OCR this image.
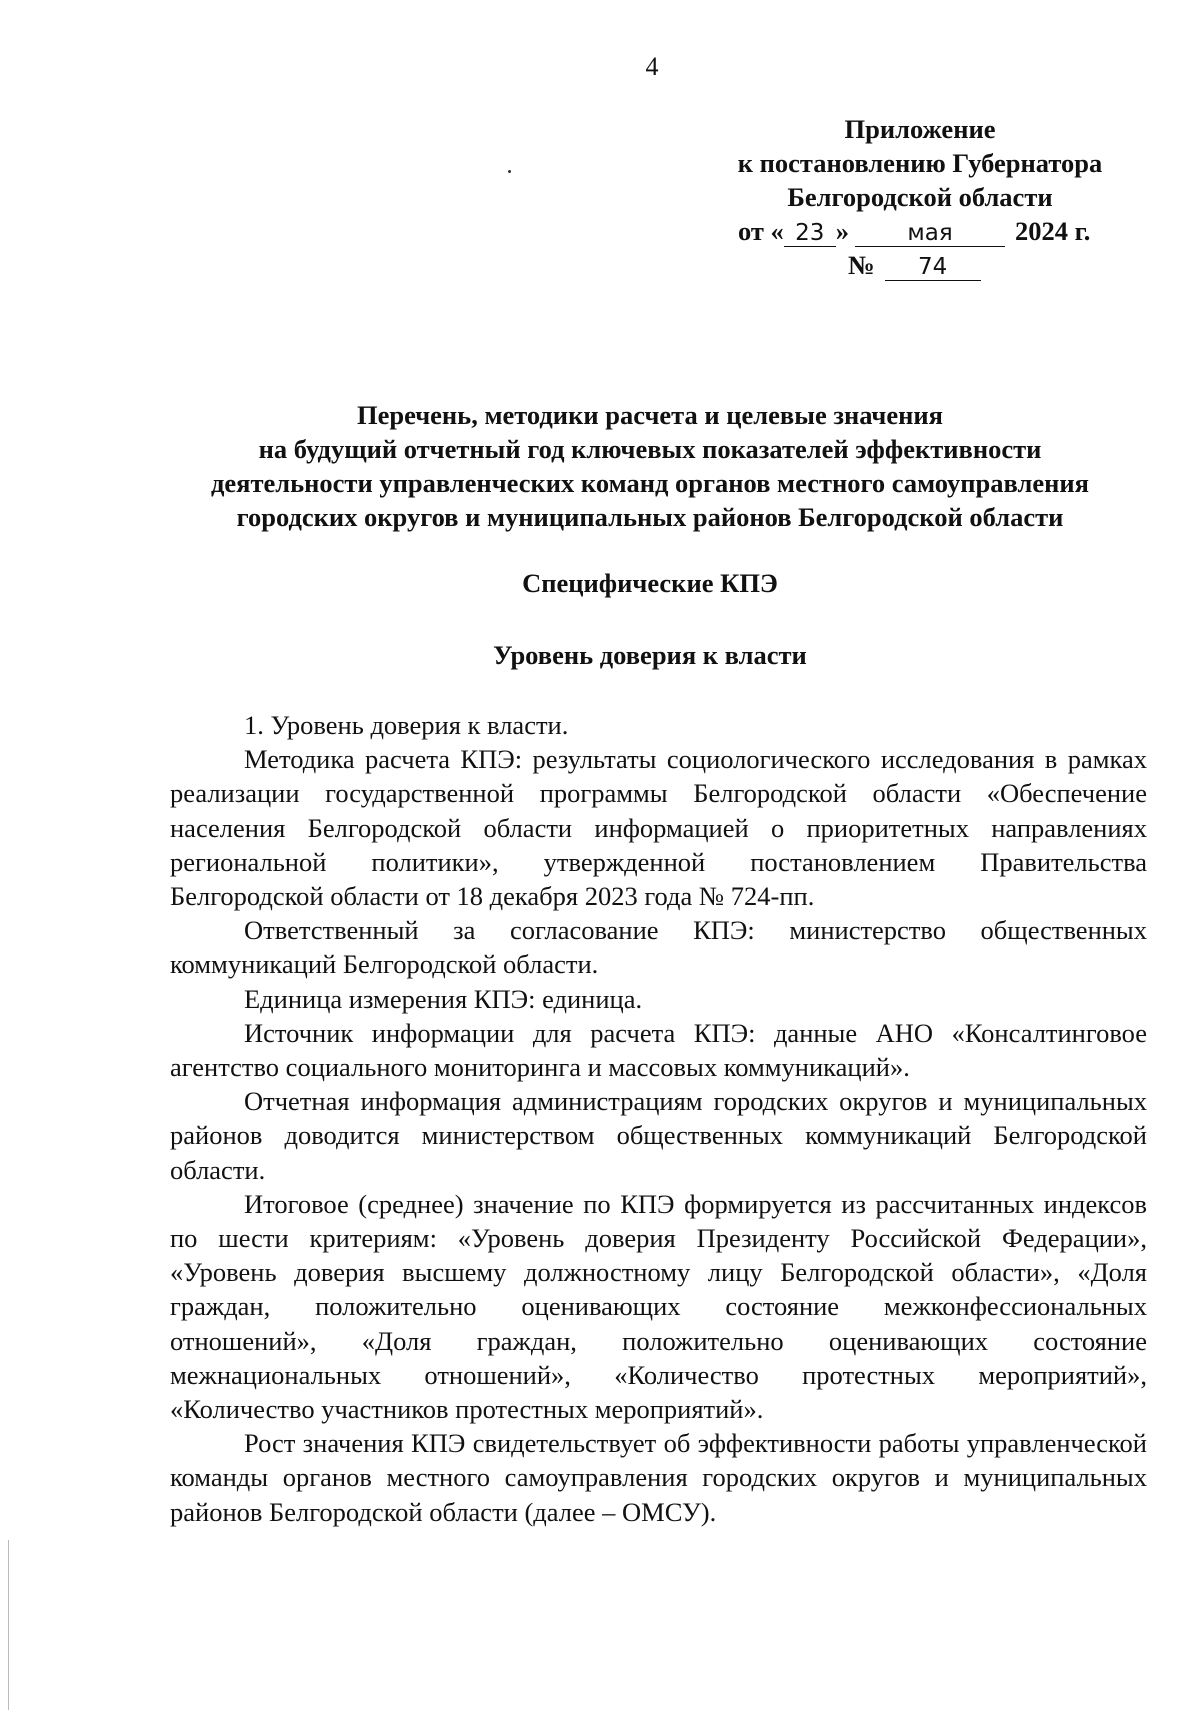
4
Приложение
к постановлению Губернатора
Белгородской области
от « 23 »	мая 2024 г.
№ 74
Перечень, методики расчета и целевые значения
на будущий отчетный год ключевых показателей эффективности
деятельности управленческих команд органов местного самоуправления
городских округов и муниципальных районов Белгородской области
Специфические КПЭ
Уровень доверия к власти

1. Уровень доверия к власти.

Методика расчета КПЭ: результаты социологического исследования в рамках реализации государственной программы Белгородской области «Обеспечение населения Белгородской области информацией о приоритетных направлениях региональной политики», утвержденной постановлением Правительства Белгородской области от 18 декабря 2023 года № 724-пп.

Ответственный за согласование КПЭ: министерство общественных коммуникаций Белгородской области.

Единица измерения КПЭ: единица.

Источник информации для расчета КПЭ: данные АНО «Консалтинговое агентство социального мониторинга и массовых коммуникаций».

Отчетная информация администрациям городских округов и муниципальных районов доводится министерством общественных коммуникаций Белгородской области.

Итоговое (среднее) значение по КПЭ формируется из рассчитанных индексов по шести критериям: «Уровень доверия Президенту Российской Федерации», «Уровень доверия высшему должностному лицу Белгородской области», «Доля граждан, положительно оценивающих состояние межконфессиональных отношений», «Доля граждан, положительно оценивающих состояние межнациональных отношений», «Количество протестных мероприятий», «Количество участников протестных мероприятий».

Рост значения КПЭ свидетельствует об эффективности работы управленческой команды органов местного самоуправления городских округов и муниципальных районов Белгородской области (далее – ОМСУ).
